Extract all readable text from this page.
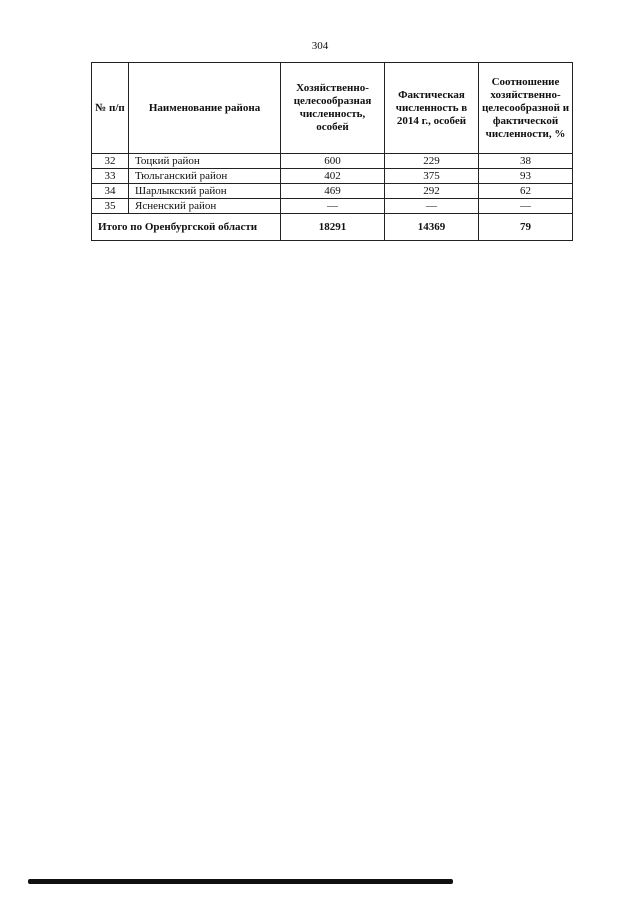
304
№ п/п	Наименование района	Хозяйственно-целесообразная численность, особей	Фактическая численность в 2014 г., особей	Соотношение хозяйственно-целесообразной и фактической численности, %
32	Тоцкий район	600	229	38
33	Тюльганский район	402	375	93
34	Шарлыкский район	469	292	62
35	Ясненский район	—	—	—
Итого по Оренбургской области		18291	14369	79
